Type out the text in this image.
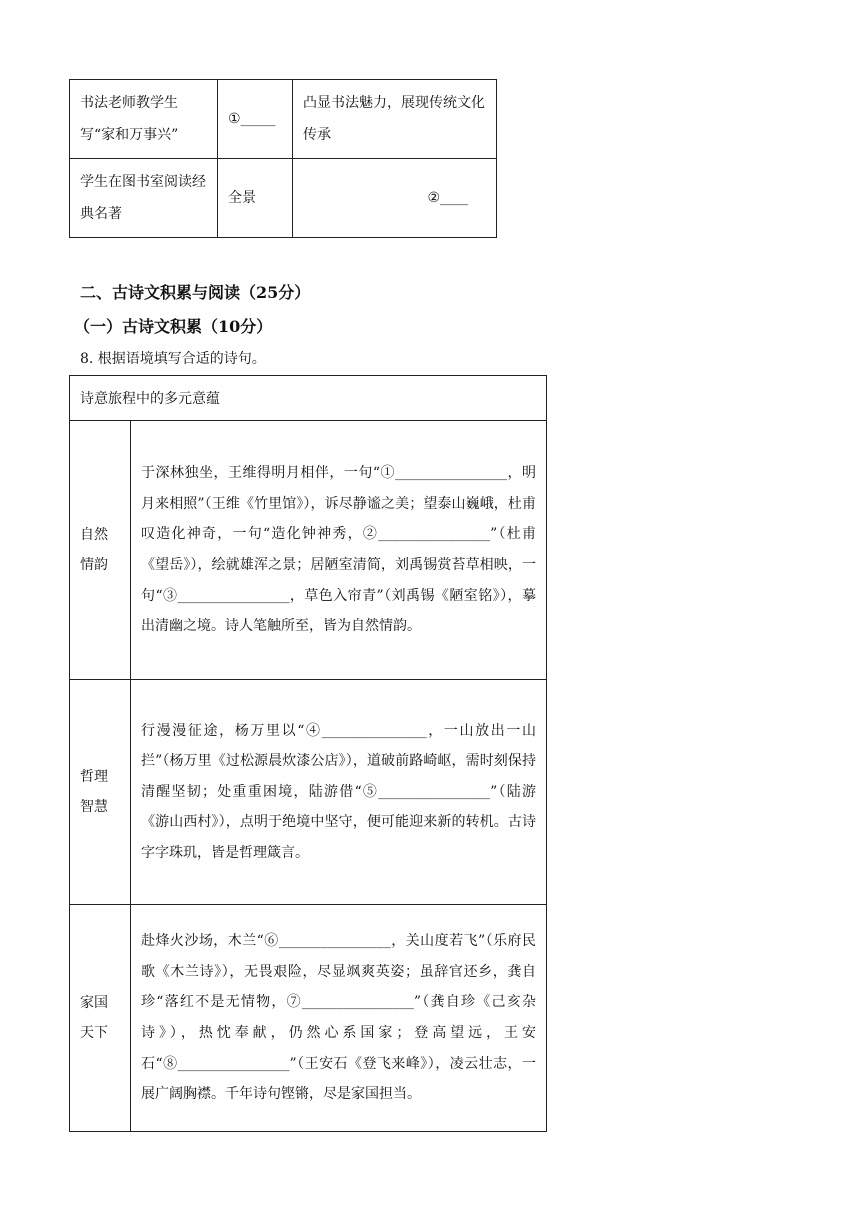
书法老师教学生写“家和万事兴”	①_____	凸显书法魅力，展现传统文化传承
学生在图书室阅读经典名著	全景	②____
二、古诗文积累与阅读（25分）
（一）古诗文积累（10分）
8. 根据语境填写合适的诗句。
诗意旅程中的多元意蕴	
自然情韵	于深林独坐，王维得明月相伴，一句“①________________，明月来相照”（王维《竹里馆》），诉尽静谧之美；望泰山巍峨，杜甫叹造化神奇，一句“造化钟神秀，②________________”（杜甫《望岳》），绘就雄浑之景；居陋室清简，刘禹锡赏苔草相映，一句“③________________，草色入帘青”（刘禹锡《陋室铭》），摹出清幽之境。诗人笔触所至，皆为自然情韵。
哲理智慧	行漫漫征途，杨万里以“④_______________，一山放出一山拦”（杨万里《过松源晨炊漆公店》），道破前路崎岖，需时刻保持清醒坚韧；处重重困境，陆游借“⑤________________”（陆游《游山西村》），点明于绝境中坚守，便可能迎来新的转机。古诗字字珠玑，皆是哲理箴言。
家国天下	赴烽火沙场，木兰“⑥________________，关山度若飞”（乐府民歌《木兰诗》），无畏艰险，尽显飒爽英姿；虽辞官还乡，龚自珍“落红不是无情物，⑦________________”（龚自珍《己亥杂诗》），热忱奉献，仍然心系国家；登高望远，王安石“⑧________________”（王安石《登飞来峰》），凌云壮志，一展广阔胸襟。千年诗句铿锵，尽是家国担当。
